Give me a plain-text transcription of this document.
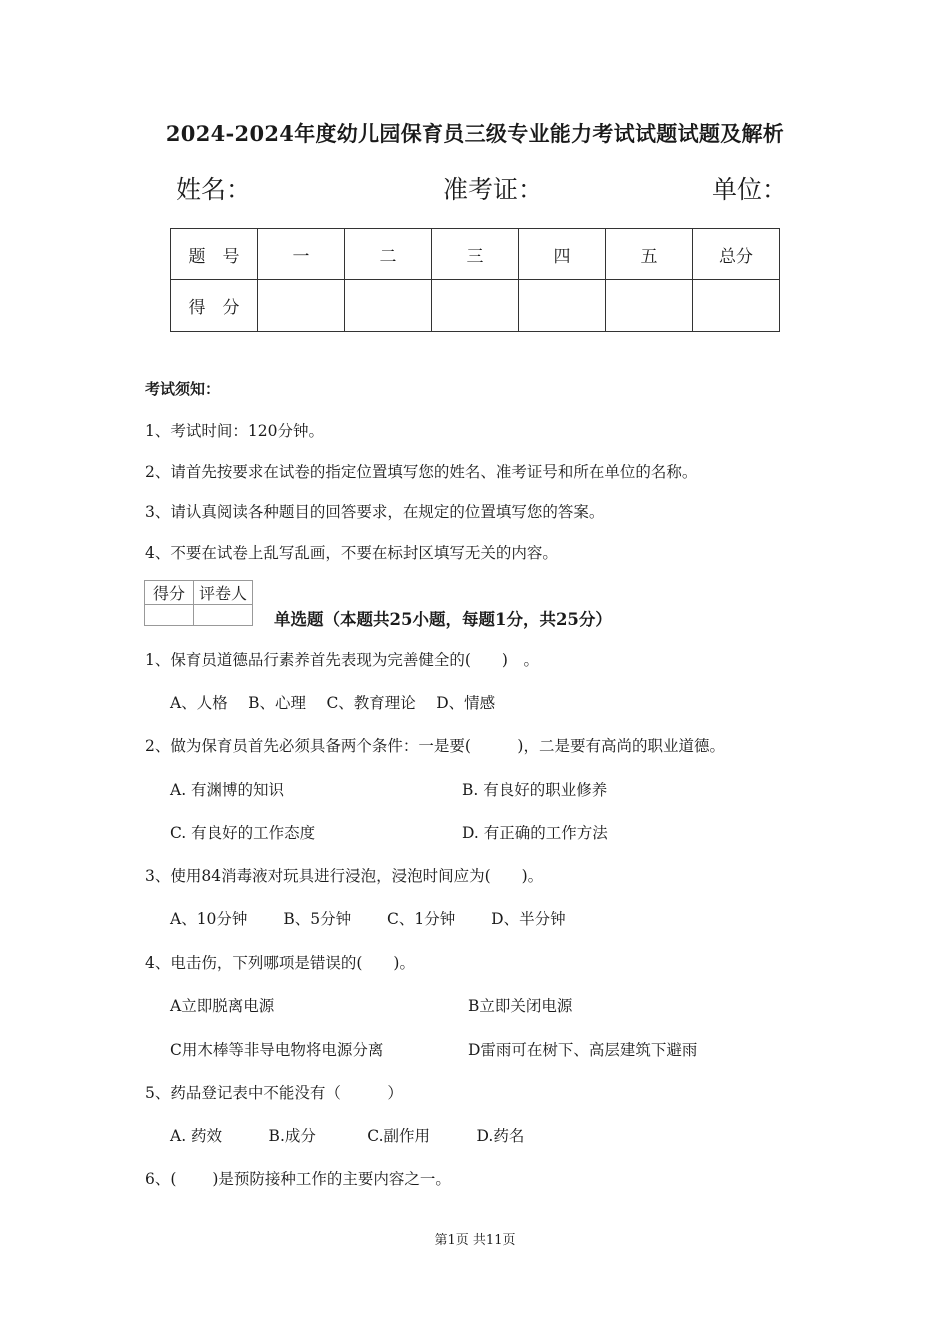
2024-2024年度幼儿园保育员三级专业能力考试试题试题及解析
姓名：	准考证：	单位：
题　号	一	二	三	四	五	总分
得　分						
考试须知：
1、考试时间：120分钟。
2、请首先按要求在试卷的指定位置填写您的姓名、准考证号和所在单位的名称。
3、请认真阅读各种题目的回答要求，在规定的位置填写您的答案。
4、不要在试卷上乱写乱画，不要在标封区填写无关的内容。
得分	评卷人

单选题（本题共25小题，每题1分，共25分）
1、保育员道德品行素养首先表现为完善健全的(　　)　。
A、人格　 B、心理　 C、教育理论　 D、情感
2、做为保育员首先必须具备两个条件：一是要(　　　)，二是要有高尚的职业道德。
A. 有渊博的知识	B. 有良好的职业修养
C. 有良好的工作态度	D. 有正确的工作方法
3、使用84消毒液对玩具进行浸泡，浸泡时间应为(　　)。
A、10分钟　　 B、5分钟　　 C、1分钟　　 D、半分钟
4、电击伤，下列哪项是错误的(　　)。
A立即脱离电源	B立即关闭电源
C用木棒等非导电物将电源分离	D雷雨可在树下、高层建筑下避雨
5、药品登记表中不能没有（　　　）
A. 药效　　　B.成分　　　 C.副作用　　　D.药名
6、(　　 )是预防接种工作的主要内容之一。
第1页 共11页
